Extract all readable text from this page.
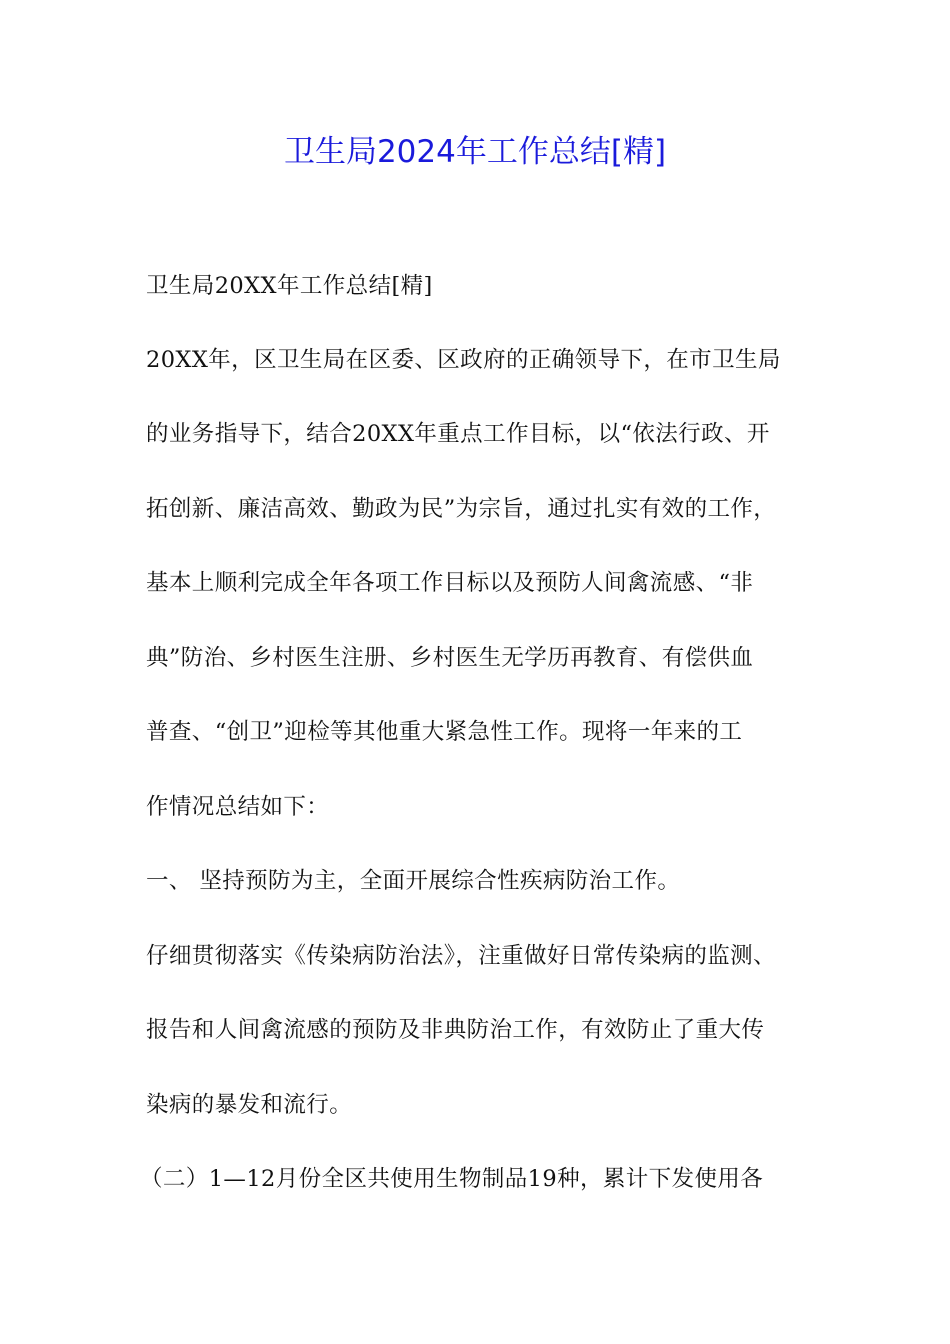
卫生局2024年工作总结[精]
卫生局20XX年工作总结[精]
20XX年，区卫生局在区委、区政府的正确领导下，在市卫生局
的业务指导下，结合20XX年重点工作目标，以“依法行政、开
拓创新、廉洁高效、勤政为民”为宗旨，通过扎实有效的工作，
基本上顺利完成全年各项工作目标以及预防人间禽流感、“非
典”防治、乡村医生注册、乡村医生无学历再教育、有偿供血
普查、“创卫”迎检等其他重大紧急性工作。现将一年来的工
作情况总结如下：
一、 坚持预防为主，全面开展综合性疾病防治工作。
仔细贯彻落实《传染病防治法》，注重做好日常传染病的监测、
报告和人间禽流感的预防及非典防治工作，有效防止了重大传
染病的暴发和流行。
（二）1—12月份全区共使用生物制品19种，累计下发使用各
